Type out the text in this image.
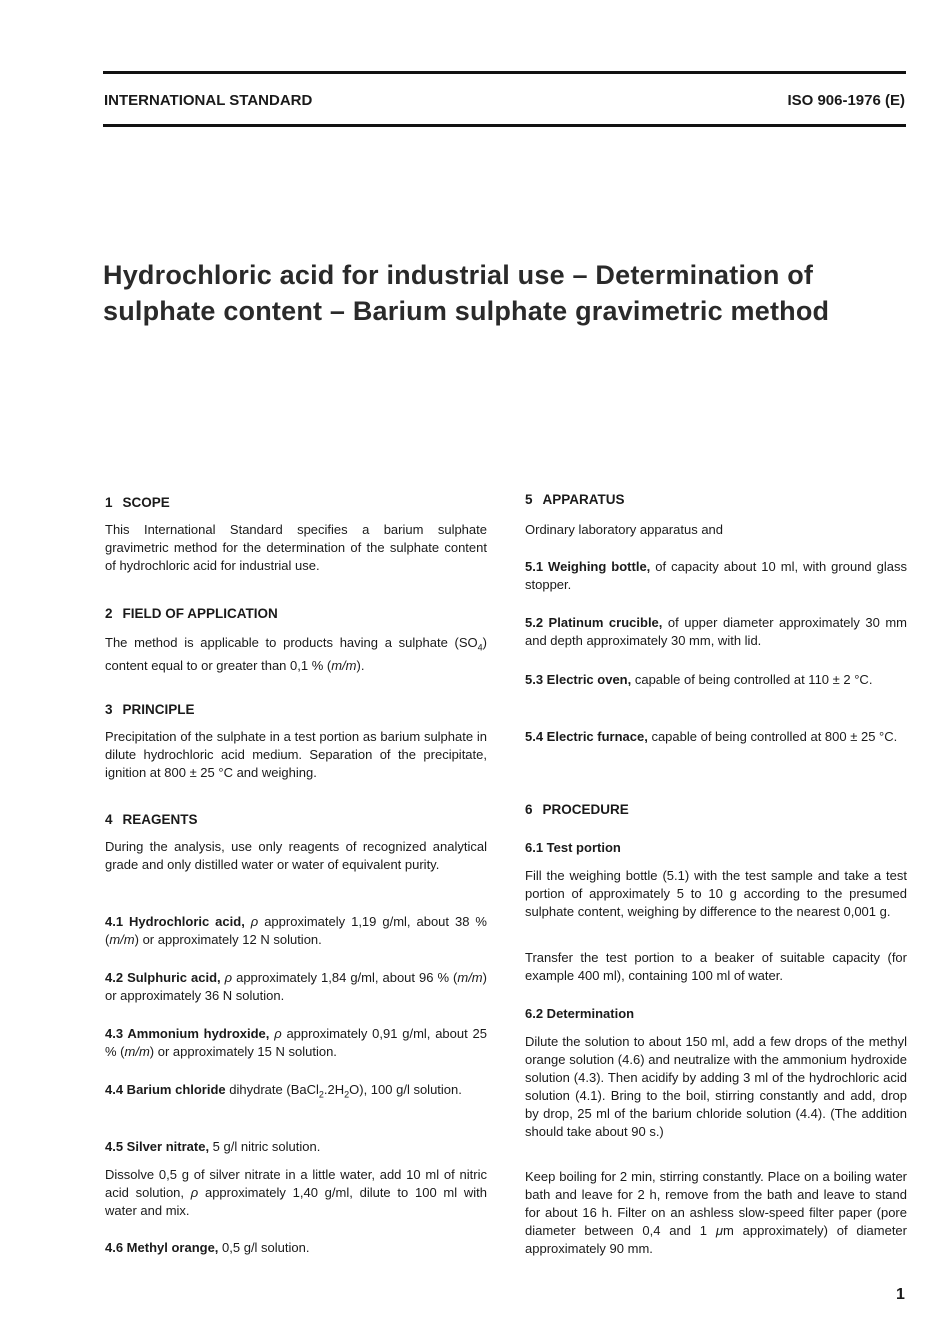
INTERNATIONAL STANDARD	ISO 906-1976 (E)
Hydrochloric acid for industrial use – Determination of
sulphate content – Barium sulphate gravimetric method
1 SCOPE
This International Standard specifies a barium sulphate gravimetric method for the determination of the sulphate content of hydrochloric acid for industrial use.
2 FIELD OF APPLICATION
The method is applicable to products having a sulphate $(SO_4)$ content equal to or greater than 0,1 % (m/m).
3 PRINCIPLE
Precipitation of the sulphate in a test portion as barium sulphate in dilute hydrochloric acid medium. Separation of the precipitate, ignition at 800 ± 25 °C and weighing.
4 REAGENTS
During the analysis, use only reagents of recognized analytical grade and only distilled water or water of equivalent purity.
4.1 Hydrochloric acid, ρ approximately 1,19 g/ml, about 38 % (m/m) or approximately 12 N solution.
4.2 Sulphuric acid, ρ approximately 1,84 g/ml, about 96 % (m/m) or approximately 36 N solution.
4.3 Ammonium hydroxide, ρ approximately 0,91 g/ml, about 25 % (m/m) or approximately 15 N solution.
4.4 Barium chloride dihydrate $(BaCl_2.2H_2O)$, 100 g/l solution.
4.5 Silver nitrate, 5 g/l nitric solution.
Dissolve 0,5 g of silver nitrate in a little water, add 10 ml of nitric acid solution, ρ approximately 1,40 g/ml, dilute to 100 ml with water and mix.
4.6 Methyl orange, 0,5 g/l solution.
5 APPARATUS
Ordinary laboratory apparatus and
5.1 Weighing bottle, of capacity about 10 ml, with ground glass stopper.
5.2 Platinum crucible, of upper diameter approximately 30 mm and depth approximately 30 mm, with lid.
5.3 Electric oven, capable of being controlled at 110 ± 2 °C.
5.4 Electric furnace, capable of being controlled at 800 ± 25 °C.
6 PROCEDURE
6.1 Test portion
Fill the weighing bottle (5.1) with the test sample and take a test portion of approximately 5 to 10 g according to the presumed sulphate content, weighing by difference to the nearest 0,001 g.
Transfer the test portion to a beaker of suitable capacity (for example 400 ml), containing 100 ml of water.
6.2 Determination
Dilute the solution to about 150 ml, add a few drops of the methyl orange solution (4.6) and neutralize with the ammonium hydroxide solution (4.3). Then acidify by adding 3 ml of the hydrochloric acid solution (4.1). Bring to the boil, stirring constantly and add, drop by drop, 25 ml of the barium chloride solution (4.4). (The addition should take about 90 s.)
Keep boiling for 2 min, stirring constantly. Place on a boiling water bath and leave for 2 h, remove from the bath and leave to stand for about 16 h. Filter on an ashless slow-speed filter paper (pore diameter between 0,4 and 1 μm approximately) of diameter approximately 90 mm.
1
